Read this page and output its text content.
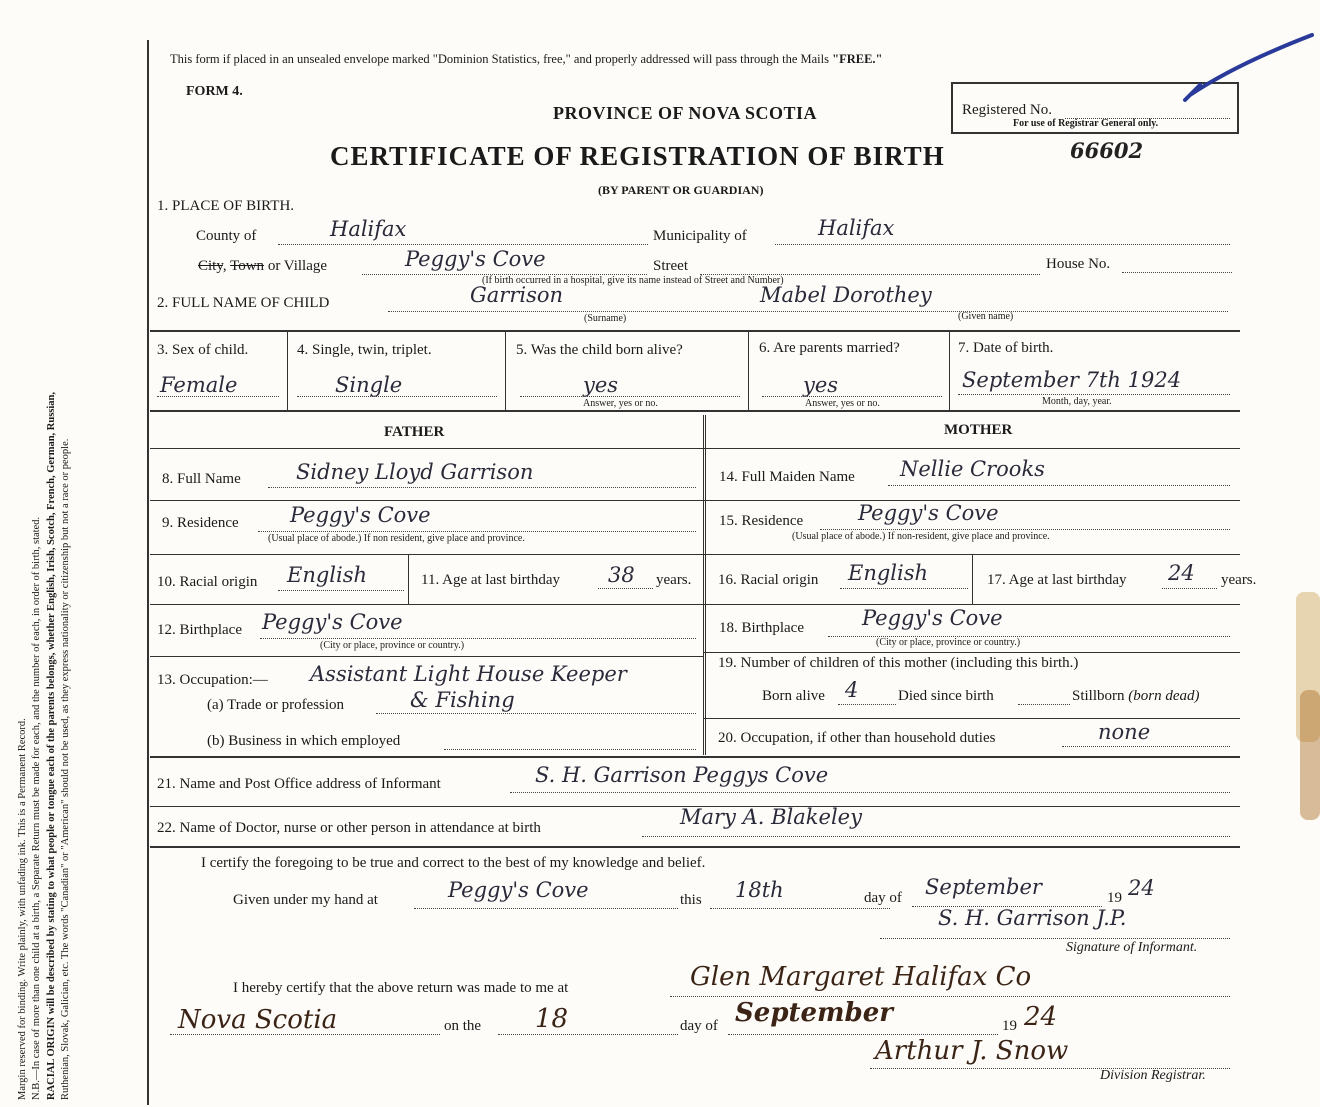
Margin reserved for binding. Write plainly, with unfading ink. This is a Permanent Record. N.B.—In case of more than one child at a birth, a Separate Return must be made for each, and the number of each, in order of birth, stated. RACIAL ORIGIN will be described by stating to what people or tongue each of the parents belongs, whether English, Irish, Scotch, French, German, Russian, Ruthenian, Slovak, Galician, etc. The words "Canadian" or "American" should not be used, as they express nationality or citizenship but not a race or people.
This form if placed in an unsealed envelope marked "Dominion Statistics, free," and properly addressed will pass through the Mails "FREE."
FORM 4.
PROVINCE OF NOVA SCOTIA
CERTIFICATE OF REGISTRATION OF BIRTH
(BY PARENT OR GUARDIAN)
Registered No.
For use of Registrar General only.
66602
1. PLACE OF BIRTH.
County of	Halifax	Municipality of	Halifax
City, Town or Village	Peggy's Cove	Street	House No.
(If birth occurred in a hospital, give its name instead of Street and Number)
2. FULL NAME OF CHILD	Garrison	Mabel Dorothey
(Surname)	(Given name)
3. Sex of child.
Female
4. Single, twin, triplet.
Single
5. Was the child born alive?
yes
Answer, yes or no.
6. Are parents married?
yes
Answer, yes or no.
7. Date of birth.
September 7th 1924
Month, day, year.
FATHER	MOTHER
8. Full Name	Sidney Lloyd Garrison
9. Residence Peggy's Cove
(Usual place of abode.) If non resident, give place and province.
10. Racial origin English	11. Age at last birthday 38 years.
12. Birthplace Peggy's Cove
(City or place, province or country.)
13. Occupation:— Assistant Light House Keeper
(a) Trade or profession	& Fishing
(b) Business in which employed
14. Full Maiden Name Nellie Crooks
15. Residence	Peggy's Cove
(Usual place of abode.) If non-resident, give place and province.
16. Racial origin English	17. Age at last birthday 24 years.
18. Birthplace	Peggy's Cove
(City or place, province or country.)
19. Number of children of this mother (including this birth.)
Born alive 4	Died since birth	Stillborn (born dead)
20. Occupation, if other than household duties	none
21. Name and Post Office address of Informant	S. H. Garrison Peggys Cove
22. Name of Doctor, nurse or other person in attendance at birth	Mary A. Blakeley
I certify the foregoing to be true and correct to the best of my knowledge and belief.
Given under my hand at	Peggy's Cove	this 18th	day of September	19 24
S. H. Garrison J.P.
Signature of Informant.
I hereby certify that the above return was made to me at	Glen Margaret Halifax Co
Nova Scotia	on the 18	day of September	19 24
Arthur J. Snow
Division Registrar.
